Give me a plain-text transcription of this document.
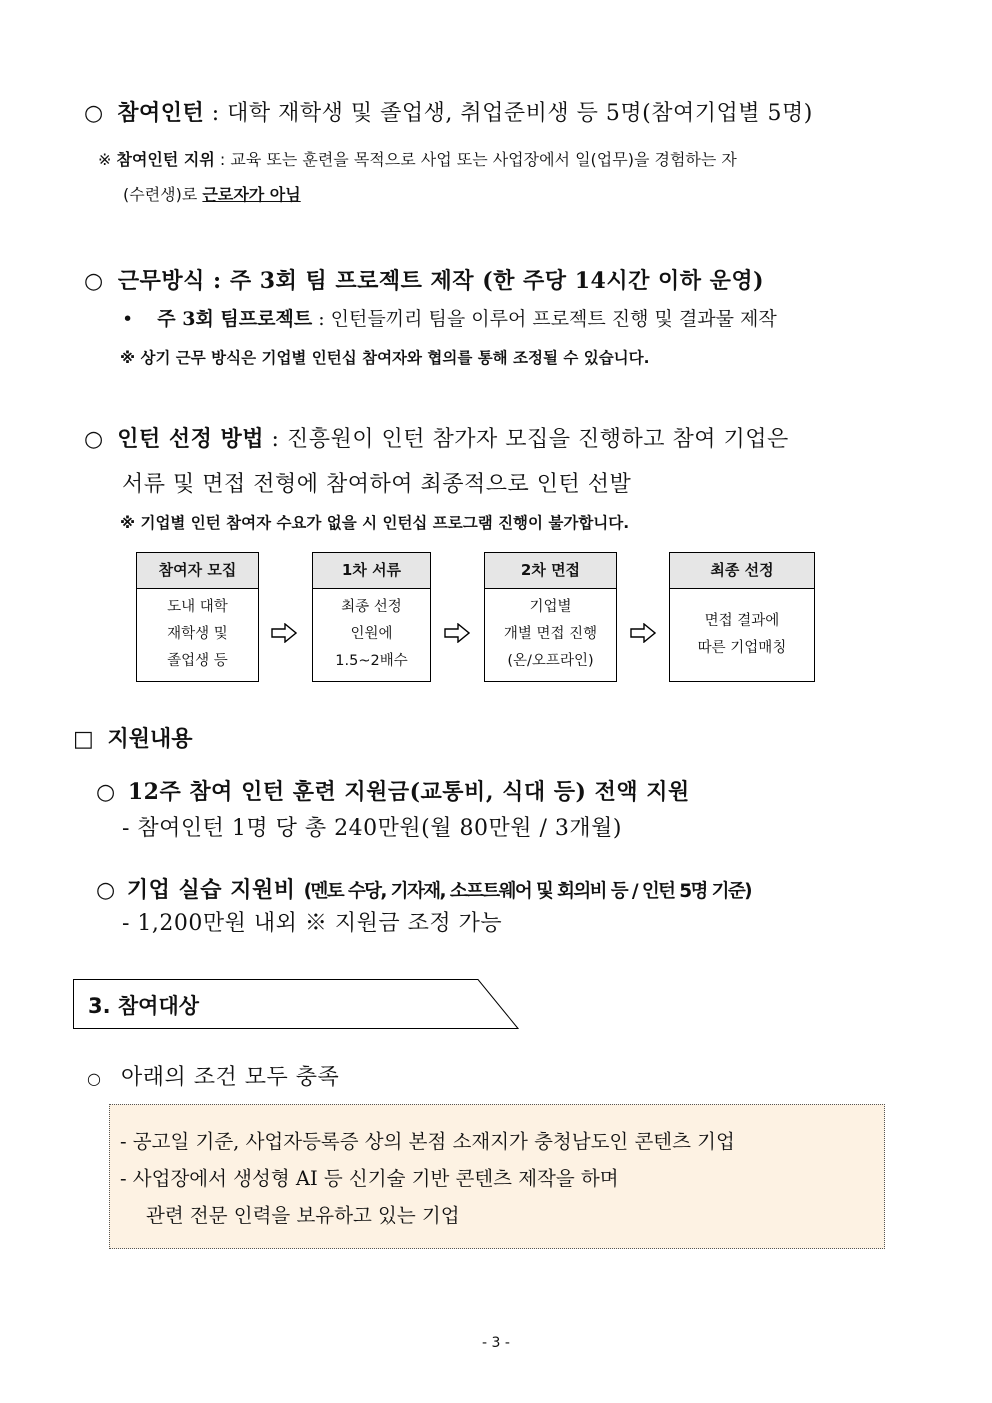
○ 참여인턴 : 대학 재학생 및 졸업생, 취업준비생 등 5명(참여기업별 5명)
※ 참여인턴 지위 : 교육 또는 훈련을 목적으로 사업 또는 사업장에서 일(업무)을 경험하는 자
(수련생)로 근로자가 아님
○ 근무방식 : 주 3회 팀 프로젝트 제작 (한 주당 14시간 이하 운영)
• 주 3회 팀프로젝트 : 인턴들끼리 팀을 이루어 프로젝트 진행 및 결과물 제작
※ 상기 근무 방식은 기업별 인턴십 참여자와 협의를 통해 조정될 수 있습니다.
○ 인턴 선정 방법 : 진흥원이 인턴 참가자 모집을 진행하고 참여 기업은
서류 및 면접 전형에 참여하여 최종적으로 인턴 선발
※ 기업별 인턴 참여자 수요가 없을 시 인턴십 프로그램 진행이 불가합니다.
참여자 모집
도내 대학
재학생 및
졸업생 등
1차 서류
최종 선정
인원에
1.5~2배수
2차 면접
기업별
개별 면접 진행
(온/오프라인)
최종 선정
면접 결과에
따른 기업매칭
□ 지원내용
○ 12주 참여 인턴 훈련 지원금(교통비, 식대 등) 전액 지원
- 참여인턴 1명 당 총 240만원(월 80만원 / 3개월)
○ 기업 실습 지원비 (멘토 수당, 기자재, 소프트웨어 및 회의비 등 / 인턴 5명 기준)
- 1,200만원 내외 ※ 지원금 조정 가능
3. 참여대상
○ 아래의 조건 모두 충족
- 공고일 기준, 사업자등록증 상의 본점 소재지가 충청남도인 콘텐츠 기업
- 사업장에서 생성형 AI 등 신기술 기반 콘텐츠 제작을 하며
관련 전문 인력을 보유하고 있는 기업
- 3 -
